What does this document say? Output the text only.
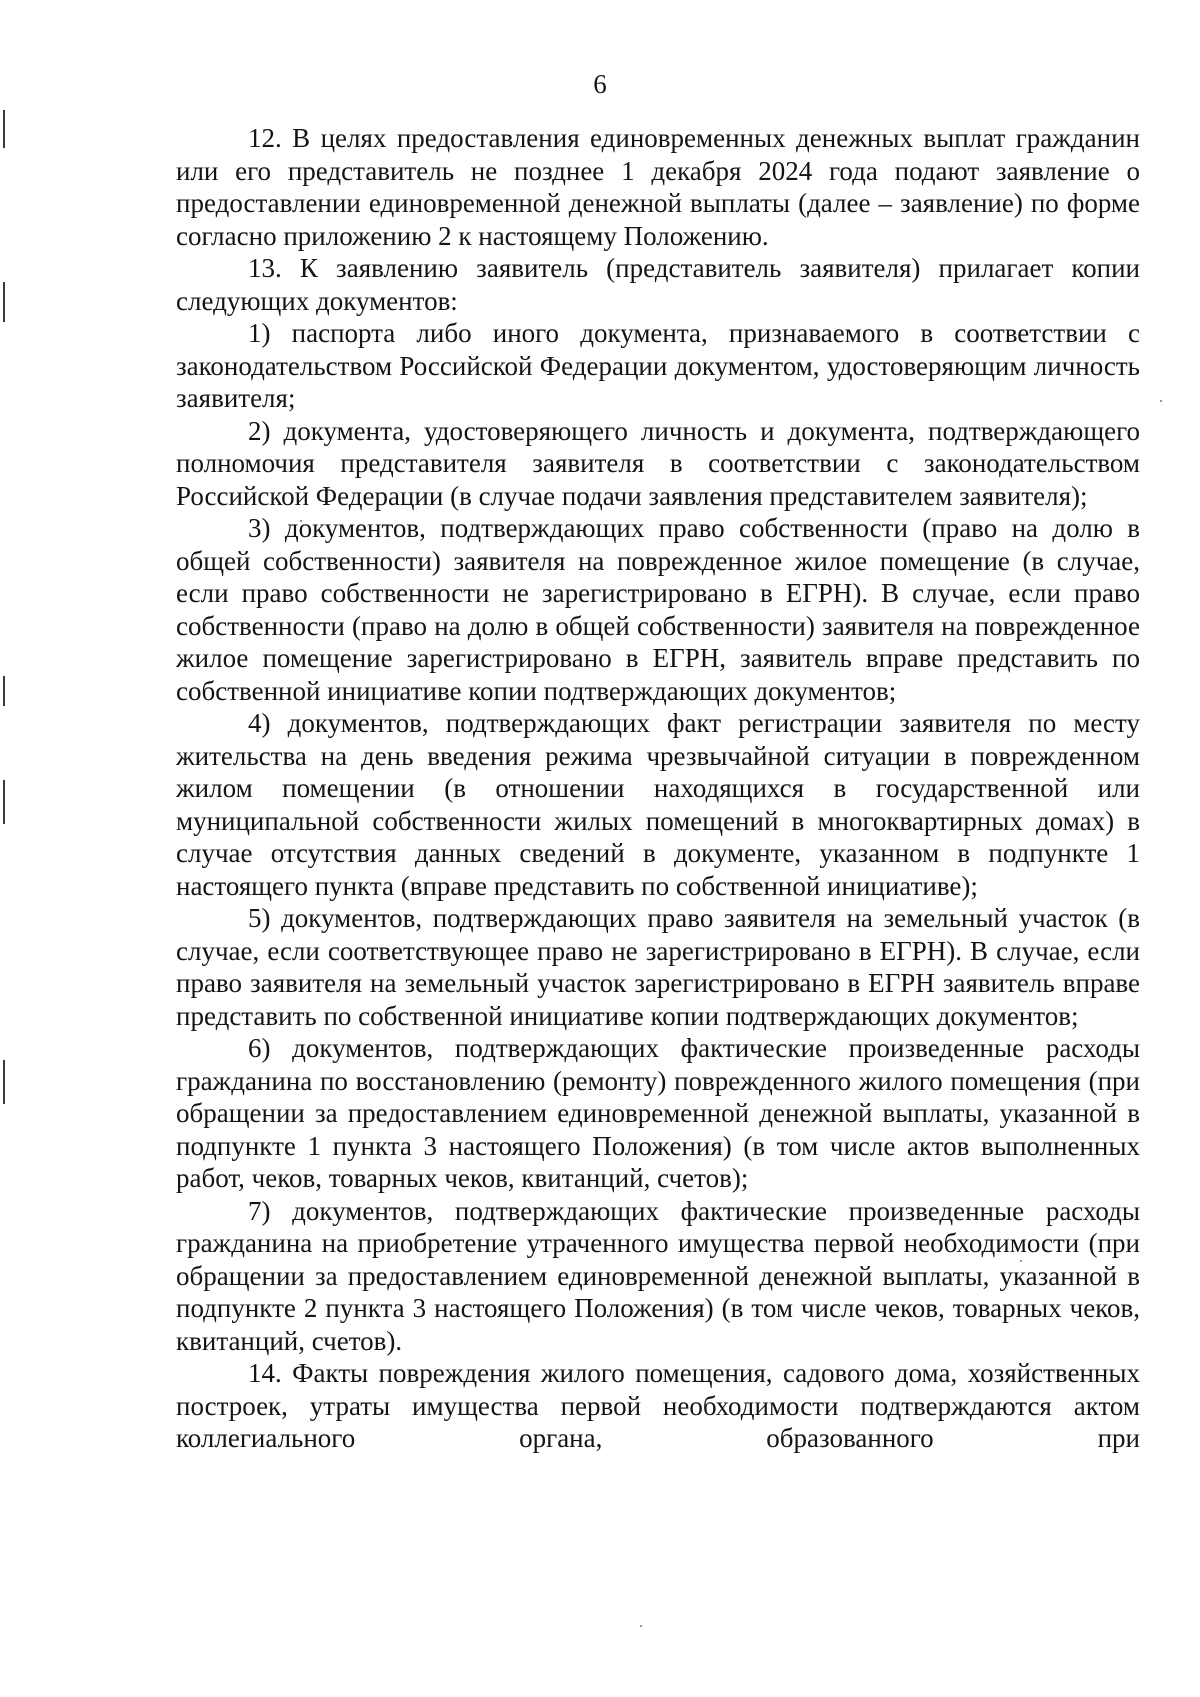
6

12. В целях предоставления единовременных денежных выплат гражданин или его представитель не позднее 1 декабря 2024 года подают заявление о предоставлении единовременной денежной выплаты (далее – заявление) по форме согласно приложению 2 к настоящему Положению.

13. К заявлению заявитель (представитель заявителя) прилагает копии следующих документов:

1) паспорта либо иного документа, признаваемого в соответствии с законодательством Российской Федерации документом, удостоверяющим личность заявителя;

2) документа, удостоверяющего личность и документа, подтверждающего полномочия представителя заявителя в соответствии с законодательством Российской Федерации (в случае подачи заявления представителем заявителя);

3) документов, подтверждающих право собственности (право на долю в общей собственности) заявителя на поврежденное жилое помещение (в случае, если право собственности не зарегистрировано в ЕГРН). В случае, если право собственности (право на долю в общей собственности) заявителя на поврежденное жилое помещение зарегистрировано в ЕГРН, заявитель вправе представить по собственной инициативе копии подтверждающих документов;

4) документов, подтверждающих факт регистрации заявителя по месту жительства на день введения режима чрезвычайной ситуации в поврежденном жилом помещении (в отношении находящихся в государственной или муниципальной собственности жилых помещений в многоквартирных домах) в случае отсутствия данных сведений в документе, указанном в подпункте 1 настоящего пункта (вправе представить по собственной инициативе);

5) документов, подтверждающих право заявителя на земельный участок (в случае, если соответствующее право не зарегистрировано в ЕГРН). В случае, если право заявителя на земельный участок зарегистрировано в ЕГРН заявитель вправе представить по собственной инициативе копии подтверждающих документов;

6) документов, подтверждающих фактические произведенные расходы гражданина по восстановлению (ремонту) поврежденного жилого помещения (при обращении за предоставлением единовременной денежной выплаты, указанной в подпункте 1 пункта 3 настоящего Положения) (в том числе актов выполненных работ, чеков, товарных чеков, квитанций, счетов);

7) документов, подтверждающих фактические произведенные расходы гражданина на приобретение утраченного имущества первой необходимости (при обращении за предоставлением единовременной денежной выплаты, указанной в подпункте 2 пункта 3 настоящего Положения) (в том числе чеков, товарных чеков, квитанций, счетов).

14. Факты повреждения жилого помещения, садового дома, хозяйственных построек, утраты имущества первой необходимости подтверждаются актом коллегиального органа, образованного при
